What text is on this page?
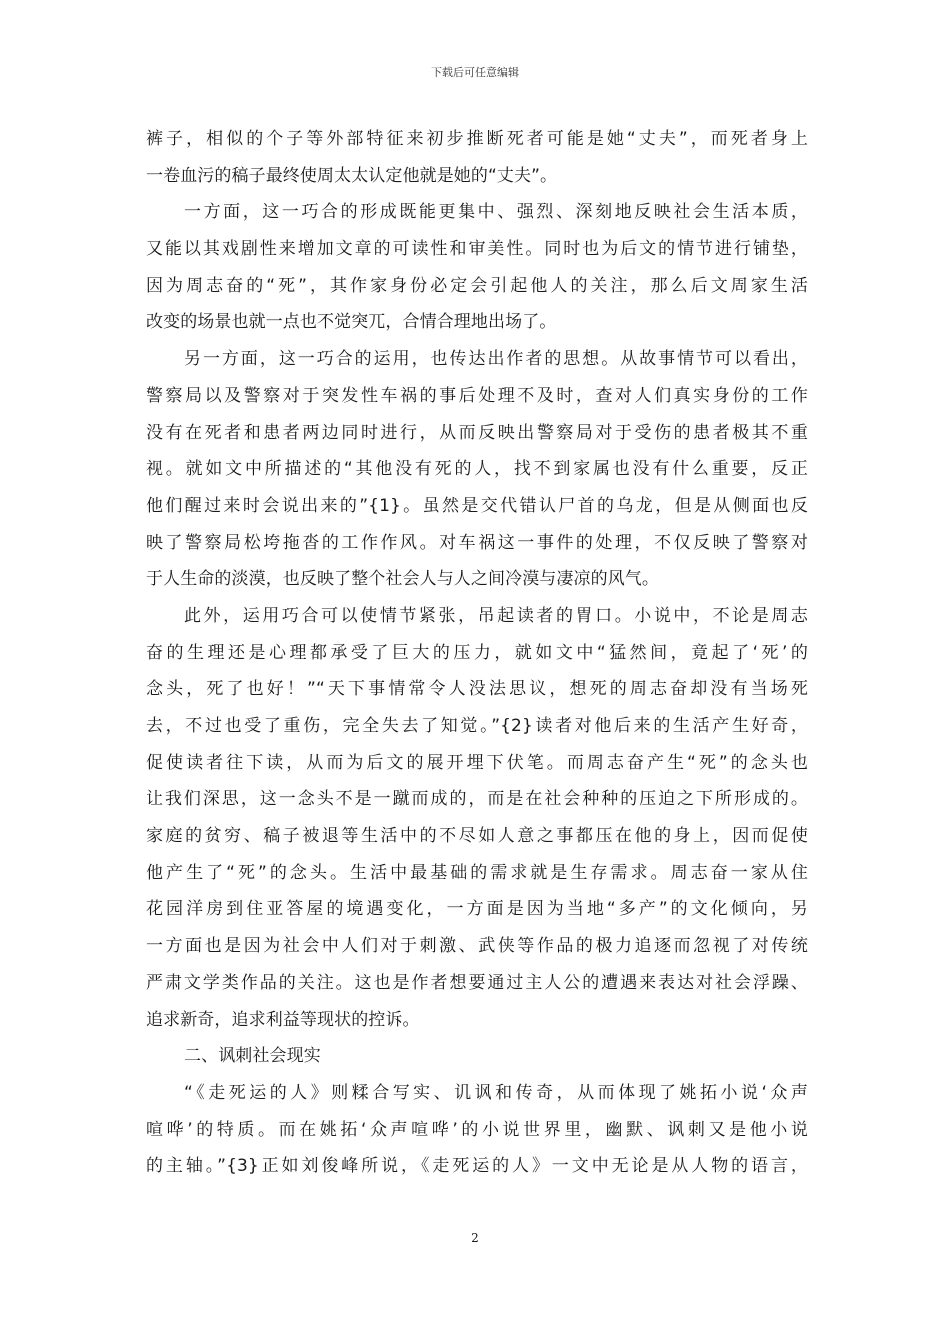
下载后可任意编辑
裤子，相似的个子等外部特征来初步推断死者可能是她“丈夫”，而死者身上
一卷血污的稿子最终使周太太认定他就是她的“丈夫”。
一方面，这一巧合的形成既能更集中、强烈、深刻地反映社会生活本质，
又能以其戏剧性来增加文章的可读性和审美性。同时也为后文的情节进行铺垫，
因为周志奋的“死”，其作家身份必定会引起他人的关注，那么后文周家生活
改变的场景也就一点也不觉突兀，合情合理地出场了。
另一方面，这一巧合的运用，也传达出作者的思想。从故事情节可以看出，
警察局以及警察对于突发性车祸的事后处理不及时，查对人们真实身份的工作
没有在死者和患者两边同时进行，从而反映出警察局对于受伤的患者极其不重
视。就如文中所描述的“其他没有死的人，找不到家属也没有什么重要，反正
他们醒过来时会说出来的”{1}。虽然是交代错认尸首的乌龙，但是从侧面也反
映了警察局松垮拖沓的工作作风。对车祸这一事件的处理，不仅反映了警察对
于人生命的淡漠，也反映了整个社会人与人之间冷漠与凄凉的风气。
此外，运用巧合可以使情节紧张，吊起读者的胃口。小说中，不论是周志
奋的生理还是心理都承受了巨大的压力，就如文中“猛然间，竟起了‘死’的
念头，死了也好！”“天下事情常令人没法思议，想死的周志奋却没有当场死
去，不过也受了重伤，完全失去了知觉。”{2}读者对他后来的生活产生好奇，
促使读者往下读，从而为后文的展开埋下伏笔。而周志奋产生“死”的念头也
让我们深思，这一念头不是一蹴而成的，而是在社会种种的压迫之下所形成的。
家庭的贫穷、稿子被退等生活中的不尽如人意之事都压在他的身上，因而促使
他产生了“死”的念头。生活中最基础的需求就是生存需求。周志奋一家从住
花园洋房到住亚答屋的境遇变化，一方面是因为当地“多产”的文化倾向，另
一方面也是因为社会中人们对于刺激、武侠等作品的极力追逐而忽视了对传统
严肃文学类作品的关注。这也是作者想要通过主人公的遭遇来表达对社会浮躁、
追求新奇，追求利益等现状的控诉。
二、讽刺社会现实
“《走死运的人》则糅合写实、讥讽和传奇，从而体现了姚拓小说‘众声
喧哗’的特质。而在姚拓‘众声喧哗’的小说世界里，幽默、讽刺又是他小说
的主轴。”{3}正如刘俊峰所说，《走死运的人》一文中无论是从人物的语言，
2
